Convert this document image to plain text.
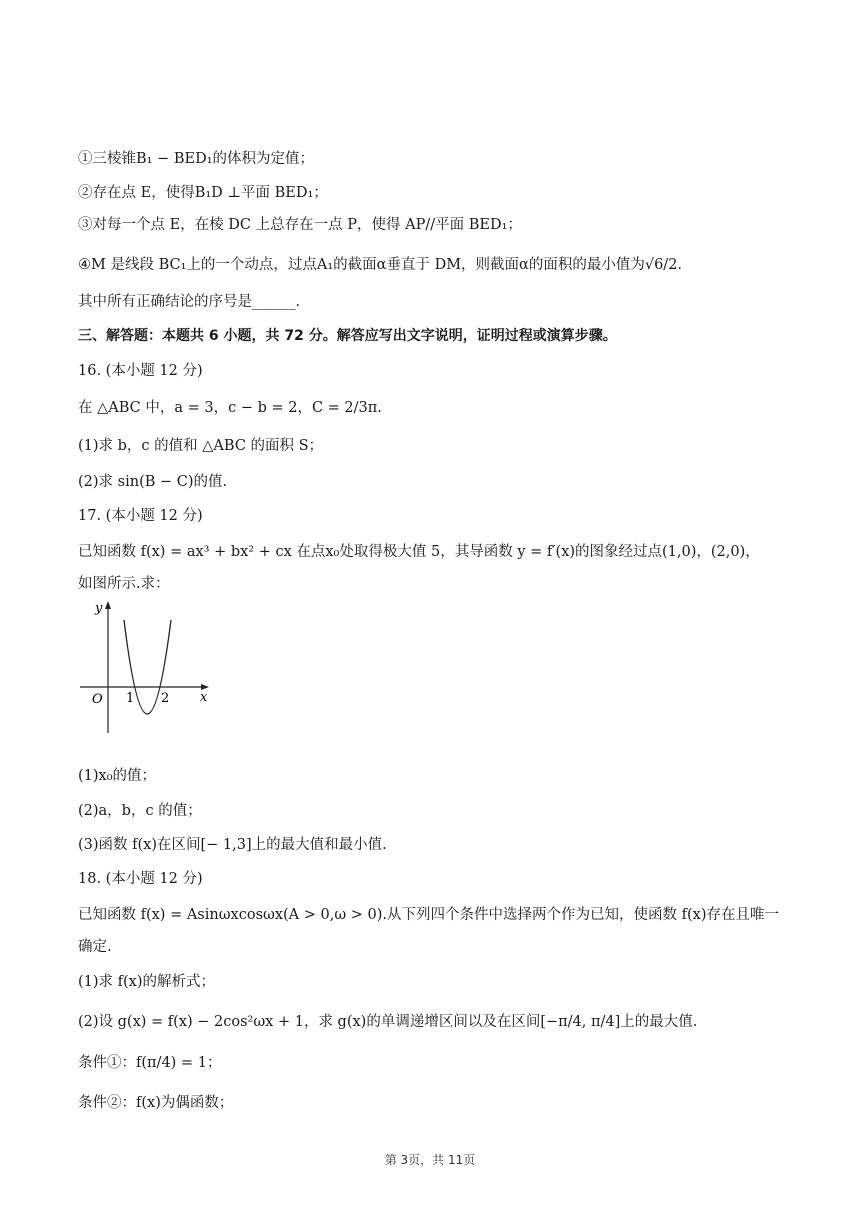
①三棱锥B₁ − BED₁的体积为定值；
②存在点 E，使得B₁D ⊥平面 BED₁；
③对每一个点 E，在棱 DC 上总存在一点 P，使得 AP//平面 BED₁；
④M 是线段 BC₁上的一个动点，过点A₁的截面α垂直于 DM，则截面α的面积的最小值为√6/2.
其中所有正确结论的序号是______.
三、解答题：本题共 6 小题，共 72 分。解答应写出文字说明，证明过程或演算步骤。
16. (本小题 12 分)
在 △ABC 中，a = 3，c − b = 2，C = 2/3π.
(1)求 b，c 的值和 △ABC 的面积 S；
(2)求 sin(B − C)的值.
17. (本小题 12 分)
已知函数 f(x) = ax³ + bx² + cx 在点x₀处取得极大值 5，其导函数 y = f′(x)的图象经过点(1,0)，(2,0)，
如图所示.求：
y
x
O 1 2
(1)x₀的值；
(2)a，b，c 的值；
(3)函数 f(x)在区间[− 1,3]上的最大值和最小值.
18. (本小题 12 分)
已知函数 f(x) = Asinωxcosωx(A > 0,ω > 0).从下列四个条件中选择两个作为已知，使函数 f(x)存在且唯一
确定.
(1)求 f(x)的解析式；
(2)设 g(x) = f(x) − 2cos²ωx + 1，求 g(x)的单调递增区间以及在区间[−π/4, π/4]上的最大值.
条件①：f(π/4) = 1；
条件②：f(x)为偶函数；
第 3页，共 11页
